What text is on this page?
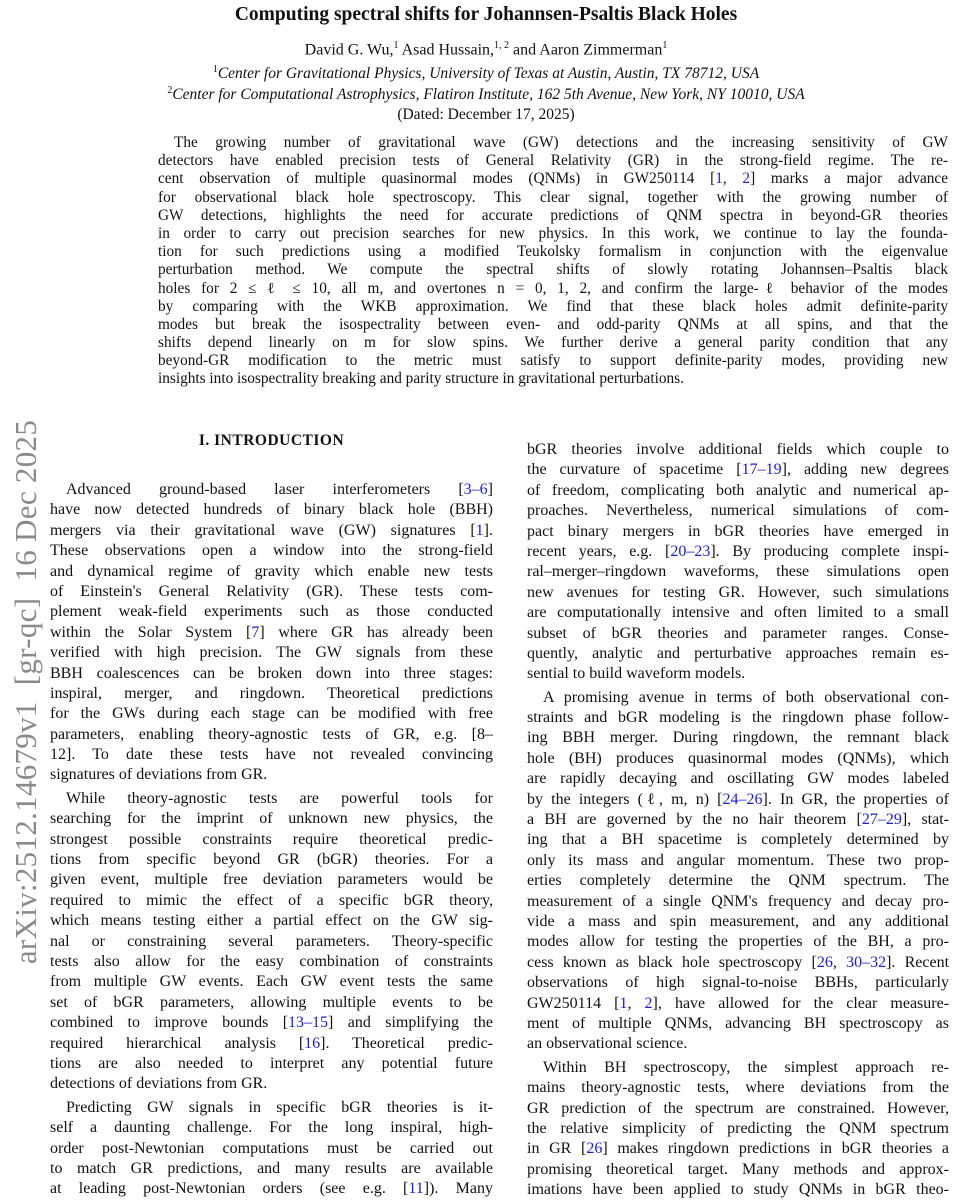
arXiv:2512.14679v1  [gr-qc]  16 Dec 2025
Computing spectral shifts for Johannsen-Psaltis Black Holes
David G. Wu,$^1$ Asad Hussain,$^{1, 2}$ and Aaron Zimmerman$^1$
$^1$Center for Gravitational Physics, University of Texas at Austin, Austin, TX 78712, USA
$^2$Center for Computational Astrophysics, Flatiron Institute, 162 5th Avenue, New York, NY 10010, USA
(Dated: December 17, 2025)
The growing number of gravitational wave (GW) detections and the increasing sensitivity of GW
detectors have enabled precision tests of General Relativity (GR) in the strong-field regime. The re-
cent observation of multiple quasinormal modes (QNMs) in GW250114 [1, 2] marks a major advance
for observational black hole spectroscopy. This clear signal, together with the growing number of
GW detections, highlights the need for accurate predictions of QNM spectra in beyond-GR theories
in order to carry out precision searches for new physics. In this work, we continue to lay the founda-
tion for such predictions using a modified Teukolsky formalism in conjunction with the eigenvalue
perturbation method. We compute the spectral shifts of slowly rotating Johannsen–Psaltis black
holes for 2 ≤ ℓ ≤ 10, all m, and overtones n = 0, 1, 2, and confirm the large-ℓ behavior of the modes
by comparing with the WKB approximation. We find that these black holes admit definite-parity
modes but break the isospectrality between even- and odd-parity QNMs at all spins, and that the
shifts depend linearly on m for slow spins. We further derive a general parity condition that any
beyond-GR modification to the metric must satisfy to support definite-parity modes, providing new
insights into isospectrality breaking and parity structure in gravitational perturbations.
I. INTRODUCTION
Advanced ground-based laser interferometers [3–6]
have now detected hundreds of binary black hole (BBH)
mergers via their gravitational wave (GW) signatures [1].
These observations open a window into the strong-field
and dynamical regime of gravity which enable new tests
of Einstein's General Relativity (GR). These tests com-
plement weak-field experiments such as those conducted
within the Solar System [7] where GR has already been
verified with high precision. The GW signals from these
BBH coalescences can be broken down into three stages:
inspiral, merger, and ringdown. Theoretical predictions
for the GWs during each stage can be modified with free
parameters, enabling theory-agnostic tests of GR, e.g. [8–
12]. To date these tests have not revealed convincing
signatures of deviations from GR.
While theory-agnostic tests are powerful tools for
searching for the imprint of unknown new physics, the
strongest possible constraints require theoretical predic-
tions from specific beyond GR (bGR) theories. For a
given event, multiple free deviation parameters would be
required to mimic the effect of a specific bGR theory,
which means testing either a partial effect on the GW sig-
nal or constraining several parameters. Theory-specific
tests also allow for the easy combination of constraints
from multiple GW events. Each GW event tests the same
set of bGR parameters, allowing multiple events to be
combined to improve bounds [13–15] and simplifying the
required hierarchical analysis [16]. Theoretical predic-
tions are also needed to interpret any potential future
detections of deviations from GR.
Predicting GW signals in specific bGR theories is it-
self a daunting challenge. For the long inspiral, high-
order post-Newtonian computations must be carried out
to match GR predictions, and many results are available
at leading post-Newtonian orders (see e.g. [11]). Many
bGR theories involve additional fields which couple to
the curvature of spacetime [17–19], adding new degrees
of freedom, complicating both analytic and numerical ap-
proaches. Nevertheless, numerical simulations of com-
pact binary mergers in bGR theories have emerged in
recent years, e.g. [20–23]. By producing complete inspi-
ral–merger–ringdown waveforms, these simulations open
new avenues for testing GR. However, such simulations
are computationally intensive and often limited to a small
subset of bGR theories and parameter ranges. Conse-
quently, analytic and perturbative approaches remain es-
sential to build waveform models.
A promising avenue in terms of both observational con-
straints and bGR modeling is the ringdown phase follow-
ing BBH merger. During ringdown, the remnant black
hole (BH) produces quasinormal modes (QNMs), which
are rapidly decaying and oscillating GW modes labeled
by the integers (ℓ, m, n) [24–26]. In GR, the properties of
a BH are governed by the no hair theorem [27–29], stat-
ing that a BH spacetime is completely determined by
only its mass and angular momentum. These two prop-
erties completely determine the QNM spectrum. The
measurement of a single QNM's frequency and decay pro-
vide a mass and spin measurement, and any additional
modes allow for testing the properties of the BH, a pro-
cess known as black hole spectroscopy [26, 30–32]. Recent
observations of high signal-to-noise BBHs, particularly
GW250114 [1, 2], have allowed for the clear measure-
ment of multiple QNMs, advancing BH spectroscopy as
an observational science.
Within BH spectroscopy, the simplest approach re-
mains theory-agnostic tests, where deviations from the
GR prediction of the spectrum are constrained. However,
the relative simplicity of predicting the QNM spectrum
in GR [26] makes ringdown predictions in bGR theories a
promising theoretical target. Many methods and approx-
imations have been applied to study QNMs in bGR theo-
